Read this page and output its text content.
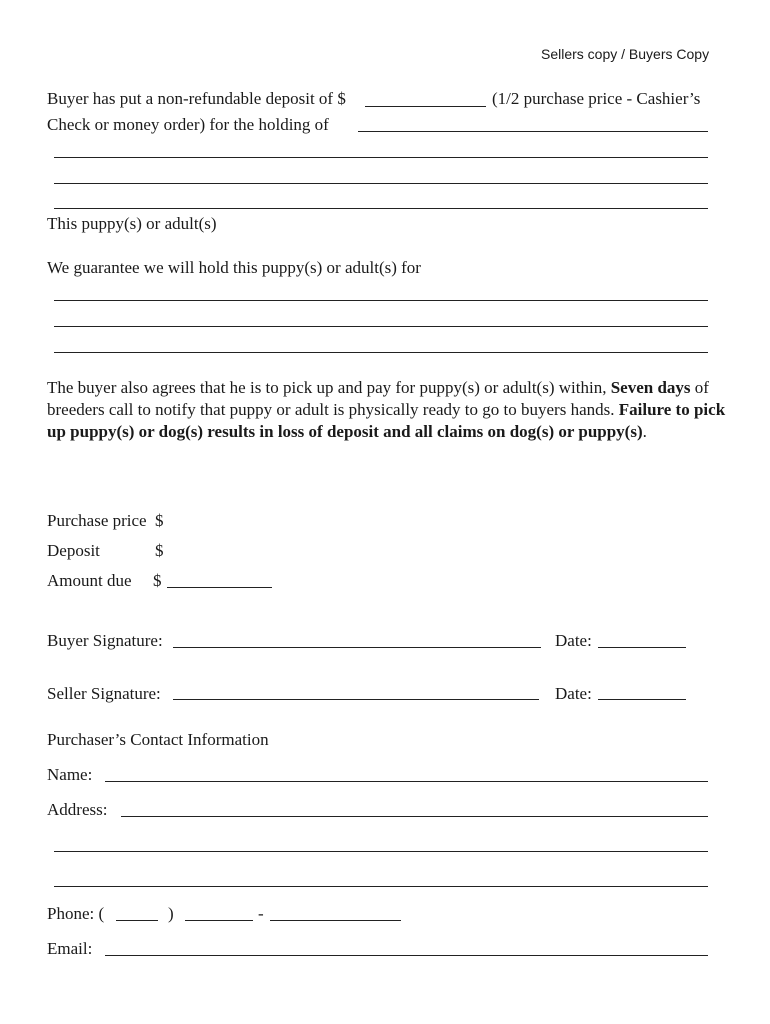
Sellers copy / Buyers Copy
Buyer has put a non-refundable deposit of $	(1/2 purchase price - Cashier’s
Check or money order) for the holding of
This puppy(s) or adult(s)
We guarantee we will hold this puppy(s) or adult(s) for
The buyer also agrees that he is to pick up and pay for puppy(s) or adult(s) within, Seven days of breeders call to notify that puppy or adult is physically ready to go to buyers hands. Failure to pick up puppy(s) or dog(s) results in loss of deposit and all claims on dog(s) or puppy(s).
Purchase price $
Deposit	$
Amount due $
Buyer Signature:	Date:
Seller Signature:	Date:
Purchaser’s Contact Information
Name:
Address:
Phone: (	)	-
Email:
